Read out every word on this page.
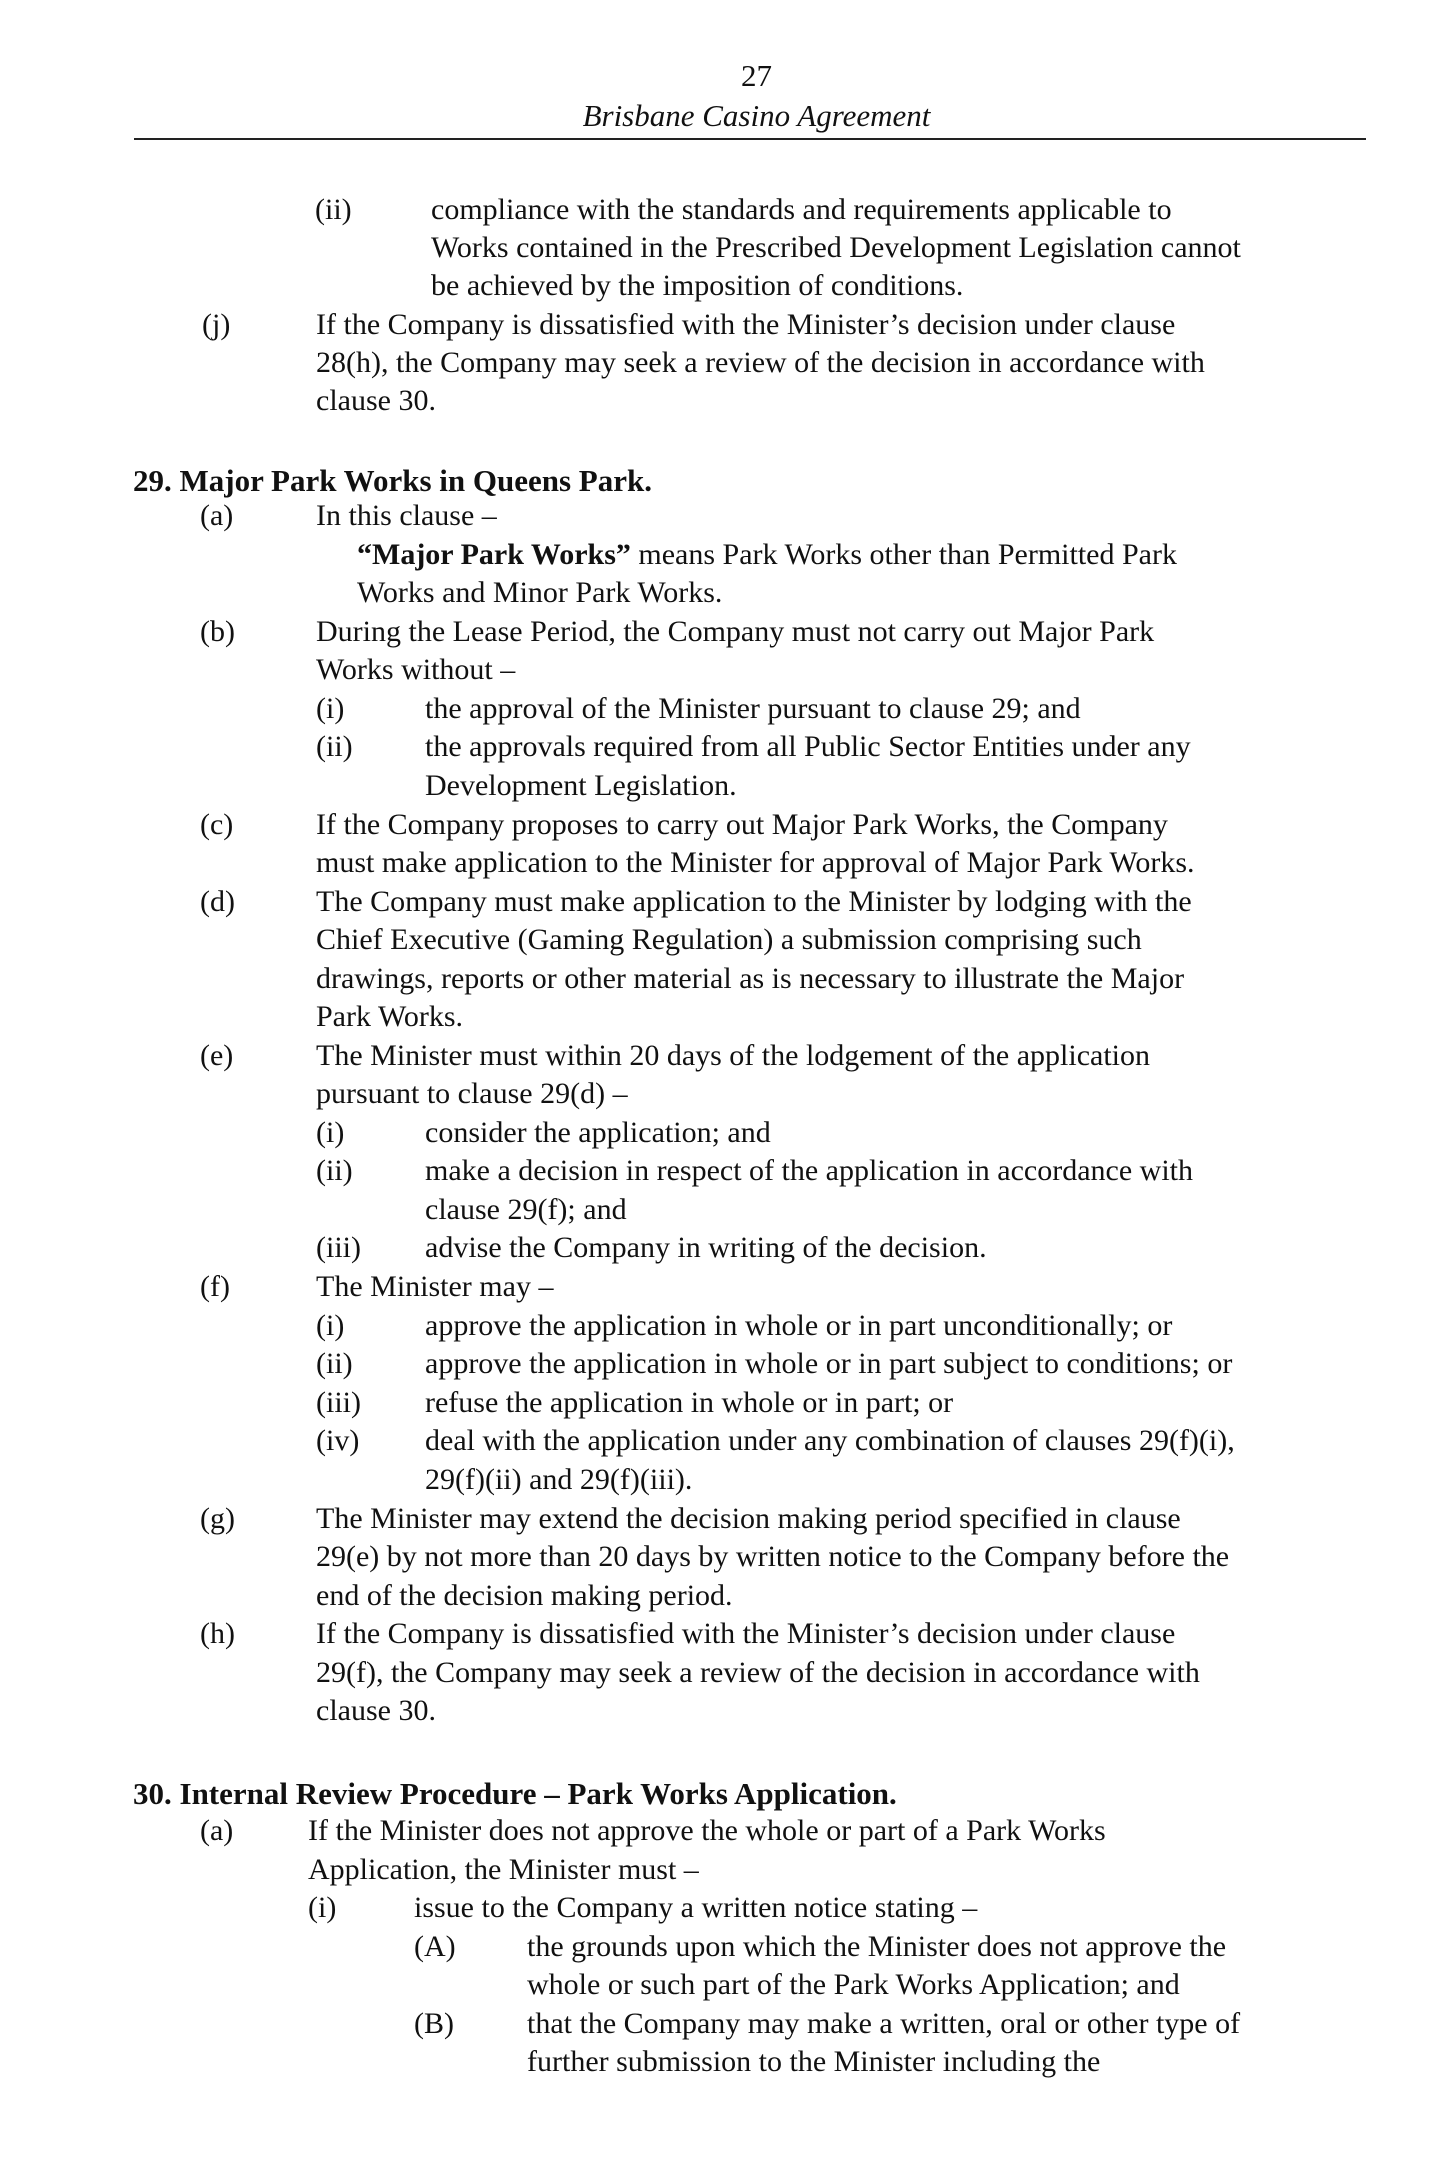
27
Brisbane Casino Agreement
(ii)	compliance with the standards and requirements applicable to
Works contained in the Prescribed Development Legislation cannot
be achieved by the imposition of conditions.
(j)	If the Company is dissatisfied with the Minister’s decision under clause
28(h), the Company may seek a review of the decision in accordance with
clause 30.
29. Major Park Works in Queens Park.
(a)	In this clause –
“Major Park Works” means Park Works other than Permitted Park
Works and Minor Park Works.
(b)	During the Lease Period, the Company must not carry out Major Park
Works without –
(i)	the approval of the Minister pursuant to clause 29; and
(ii) the approvals required from all Public Sector Entities under any
Development Legislation.
(c)	If the Company proposes to carry out Major Park Works, the Company
must make application to the Minister for approval of Major Park Works.
(d)	The Company must make application to the Minister by lodging with the
Chief Executive (Gaming Regulation) a submission comprising such
drawings, reports or other material as is necessary to illustrate the Major
Park Works.
(e)	The Minister must within 20 days of the lodgement of the application
pursuant to clause 29(d) –
(i)	consider the application; and
(ii) make a decision in respect of the application in accordance with
clause 29(f); and
(iii) advise the Company in writing of the decision.
(f)	The Minister may –
(i)	approve the application in whole or in part unconditionally; or
(ii) approve the application in whole or in part subject to conditions; or
(iii) refuse the application in whole or in part; or
(iv) deal with the application under any combination of clauses 29(f)(i),
29(f)(ii) and 29(f)(iii).
(g)	The Minister may extend the decision making period specified in clause
29(e) by not more than 20 days by written notice to the Company before the
end of the decision making period.
(h)	If the Company is dissatisfied with the Minister’s decision under clause
29(f), the Company may seek a review of the decision in accordance with
clause 30.
30. Internal Review Procedure – Park Works Application.
(a) If the Minister does not approve the whole or part of a Park Works
Application, the Minister must –
(i)	issue to the Company a written notice stating –
(A) the grounds upon which the Minister does not approve the
whole or such part of the Park Works Application; and
(B) that the Company may make a written, oral or other type of
further submission to the Minister including the
